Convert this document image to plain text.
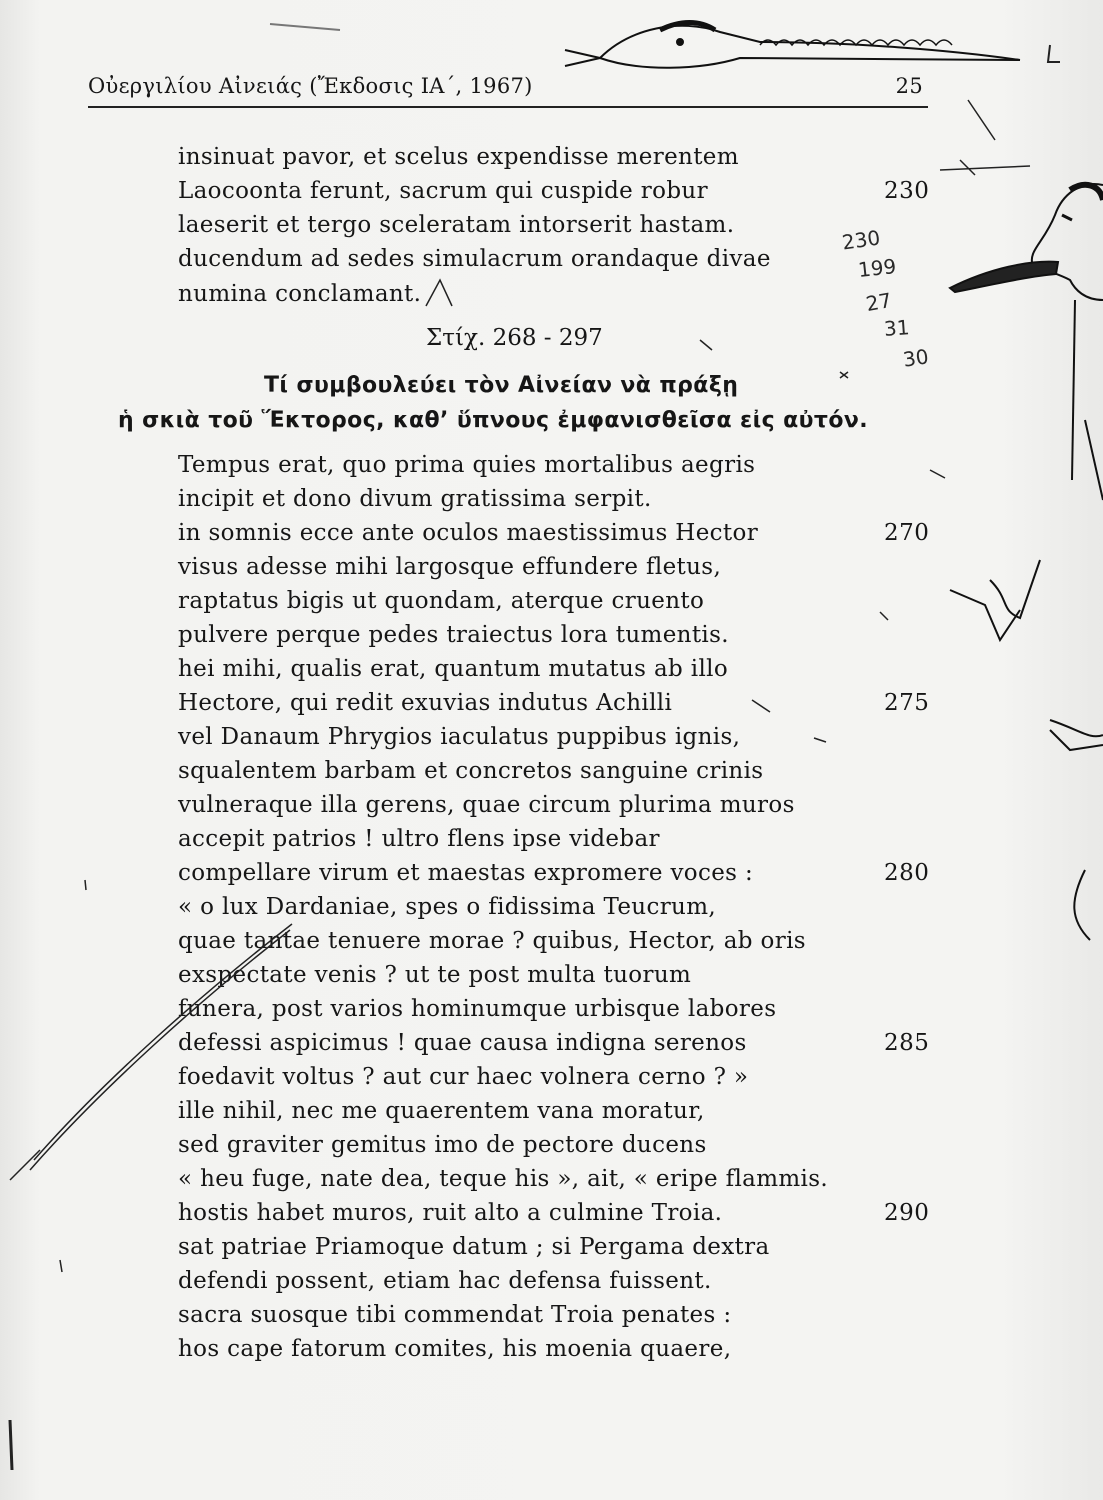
Οὐεργιλίου Αἰνειάς (Ἔκδοσις ΙΑ΄, 1967)	25
insinuat pavor, et scelus expendisse merentem
Laocoonta ferunt, sacrum qui cuspide robur
laeserit et tergo sceleratam intorserit hastam.
ducendum ad sedes simulacrum orandaque divae
numina conclamant.
230
Στίχ. 268 - 297
Τί συμβουλεύει τὸν Αἰνείαν νὰ πράξῃ
ἡ σκιὰ τοῦ Ἕκτορος, καθ’ ὕπνους ἐμφανισθεῖσα εἰς αὐτόν.
Tempus erat, quo prima quies mortalibus aegris
incipit et dono divum gratissima serpit.
in somnis ecce ante oculos maestissimus Hector
visus adesse mihi largosque effundere fletus,
raptatus bigis ut quondam, aterque cruento
pulvere perque pedes traiectus lora tumentis.
hei mihi, qualis erat, quantum mutatus ab illo
Hectore, qui redit exuvias indutus Achilli
vel Danaum Phrygios iaculatus puppibus ignis,
squalentem barbam et concretos sanguine crinis
vulneraque illa gerens, quae circum plurima muros
accepit patrios ! ultro flens ipse videbar
compellare virum et maestas expromere voces :
« o lux Dardaniae, spes o fidissima Teucrum,
quae tantae tenuere morae ? quibus, Hector, ab oris
exspectate venis ? ut te post multa tuorum
funera, post varios hominumque urbisque labores
defessi aspicimus ! quae causa indigna serenos
foedavit voltus ? aut cur haec volnera cerno ? »
ille nihil, nec me quaerentem vana moratur,
sed graviter gemitus imo de pectore ducens
« heu fuge, nate dea, teque his », ait, « eripe flammis.
hostis habet muros, ruit alto a culmine Troia.
sat patriae Priamoque datum ; si Pergama dextra
defendi possent, etiam hac defensa fuissent.
sacra suosque tibi commendat Troia penates :
hos cape fatorum comites, his moenia quaere,
270
275
280
285
290
230
199
27
31
30
